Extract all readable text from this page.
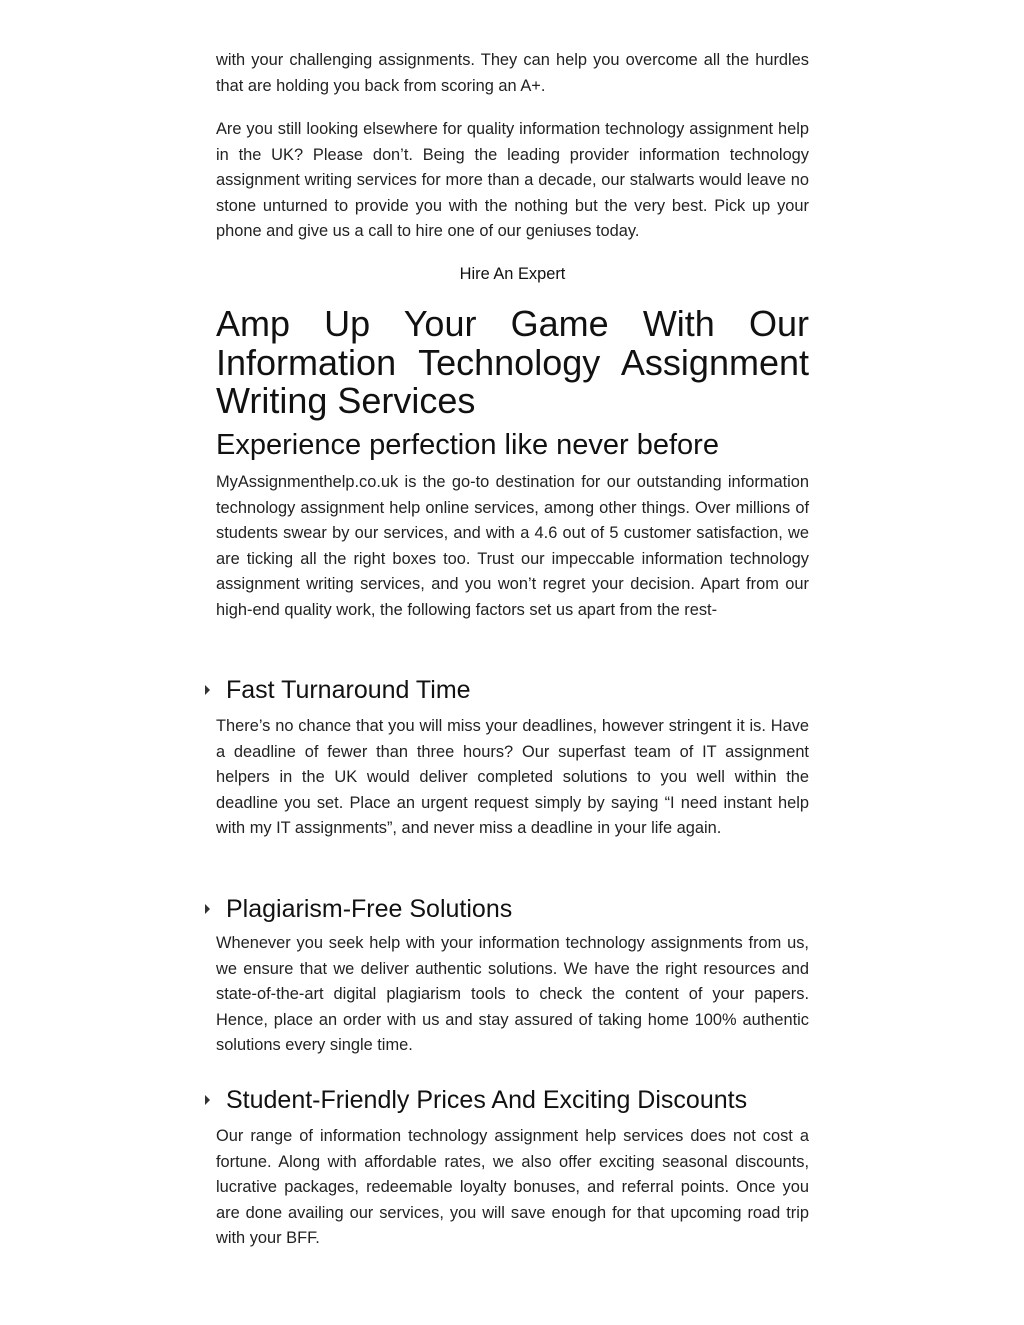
with your challenging assignments. They can help you overcome all the hurdles that are holding you back from scoring an A+.

Are you still looking elsewhere for quality information technology assignment help in the UK? Please don’t. Being the leading provider information technology assignment writing services for more than a decade, our stalwarts would leave no stone unturned to provide you with the nothing but the very best. Pick up your phone and give us a call to hire one of our geniuses today.

Hire An Expert
Amp Up Your Game With Our Information Technology Assignment Writing Services
Experience perfection like never before

MyAssignmenthelp.co.uk is the go-to destination for our outstanding information technology assignment help online services, among other things. Over millions of students swear by our services, and with a 4.6 out of 5 customer satisfaction, we are ticking all the right boxes too. Trust our impeccable information technology assignment writing services, and you won’t regret your decision. Apart from our high-end quality work, the following factors set us apart from the rest-

Fast Turnaround Time

There’s no chance that you will miss your deadlines, however stringent it is. Have a deadline of fewer than three hours? Our superfast team of IT assignment helpers in the UK would deliver completed solutions to you well within the deadline you set. Place an urgent request simply by saying “I need instant help with my IT assignments”, and never miss a deadline in your life again.

Plagiarism-Free Solutions

Whenever you seek help with your information technology assignments from us, we ensure that we deliver authentic solutions. We have the right resources and state-of-the-art digital plagiarism tools to check the content of your papers. Hence, place an order with us and stay assured of taking home 100% authentic solutions every single time.

Student-Friendly Prices And Exciting Discounts

Our range of information technology assignment help services does not cost a fortune. Along with affordable rates, we also offer exciting seasonal discounts, lucrative packages, redeemable loyalty bonuses, and referral points. Once you are done availing our services, you will save enough for that upcoming road trip with your BFF.
